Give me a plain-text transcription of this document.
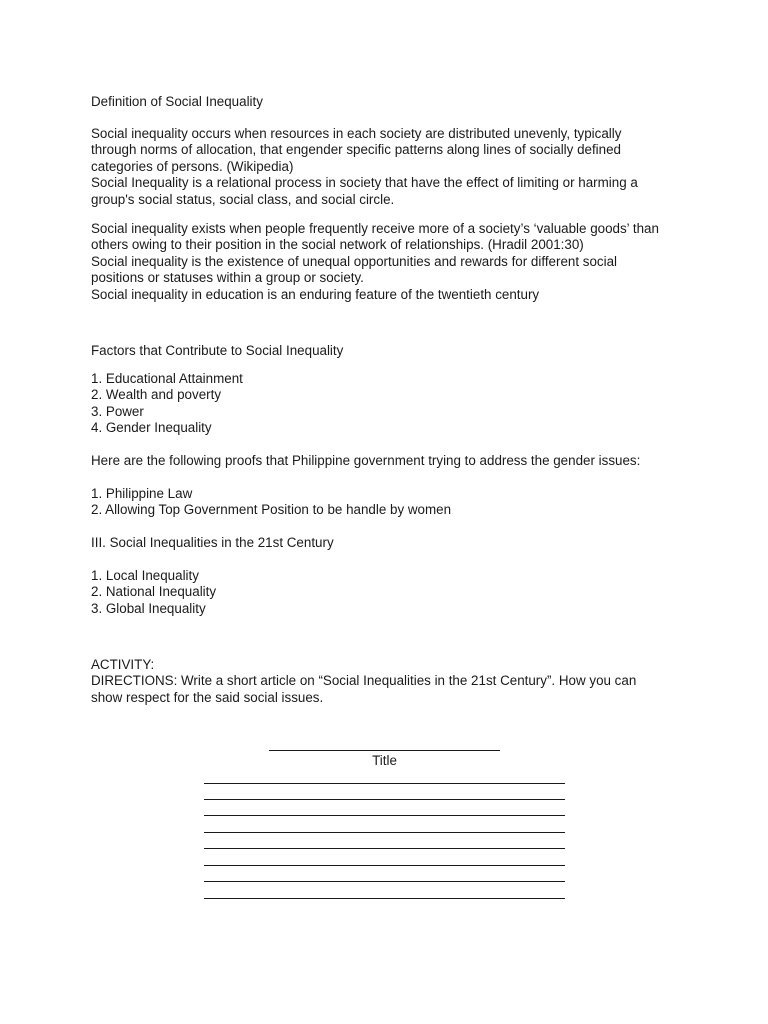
Definition of Social Inequality
Social inequality occurs when resources in each society are distributed unevenly, typically
through norms of allocation, that engender specific patterns along lines of socially defined
categories of persons. (Wikipedia)
Social Inequality is a relational process in society that have the effect of limiting or harming a
group's social status, social class, and social circle.
Social inequality exists when people frequently receive more of a society’s ‘valuable goods’ than
others owing to their position in the social network of relationships. (Hradil 2001:30)
Social inequality is the existence of unequal opportunities and rewards for different social
positions or statuses within a group or society.
Social inequality in education is an enduring feature of the twentieth century
Factors that Contribute to Social Inequality
1. Educational Attainment
2. Wealth and poverty
3. Power
4. Gender Inequality
Here are the following proofs that Philippine government trying to address the gender issues:
1. Philippine Law
2. Allowing Top Government Position to be handle by women
III. Social Inequalities in the 21st Century
1. Local Inequality
2. National Inequality
3. Global Inequality
ACTIVITY:
DIRECTIONS: Write a short article on “Social Inequalities in the 21st Century”. How you can
show respect for the said social issues.
Title
